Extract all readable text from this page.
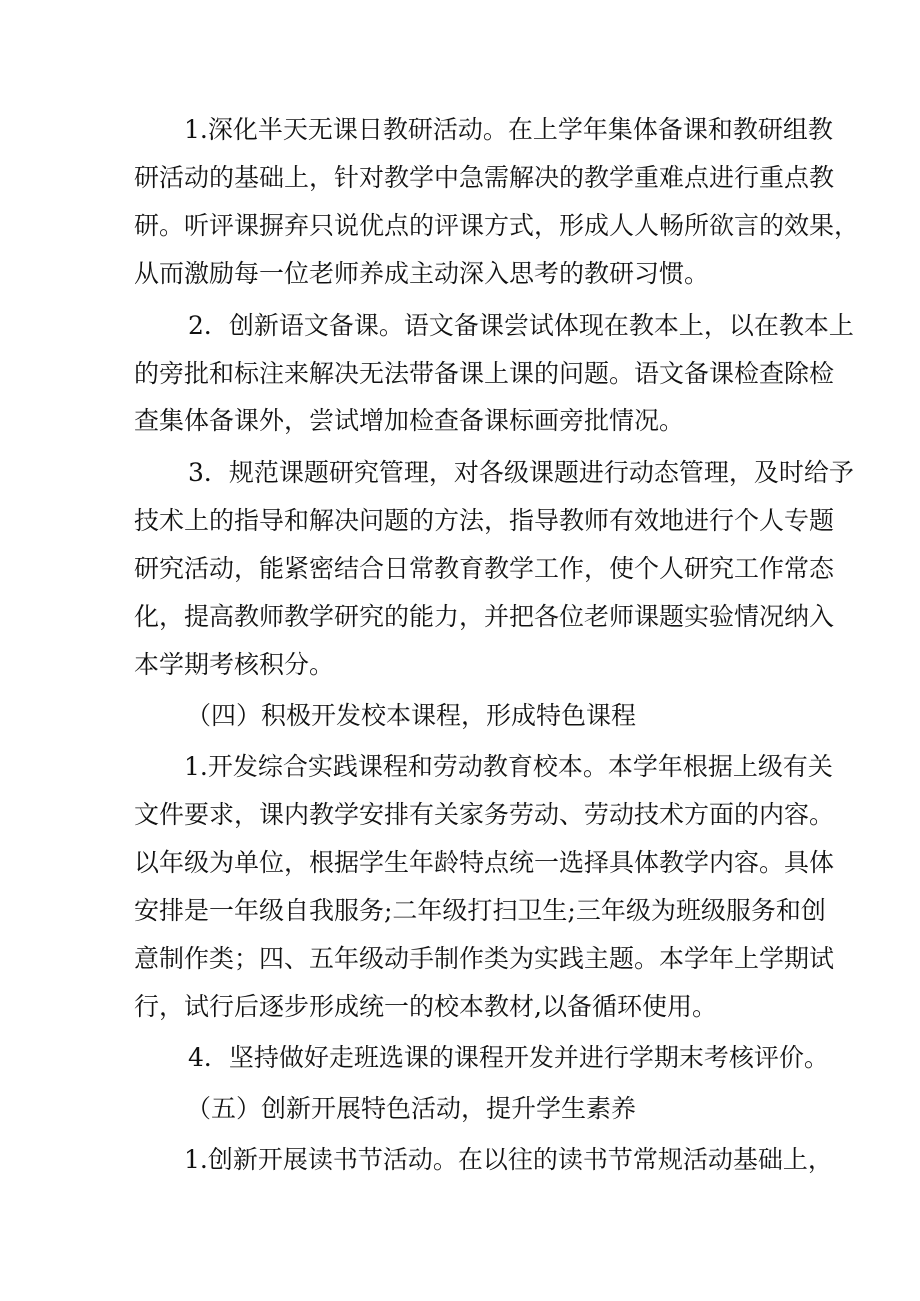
1.深化半天无课日教研活动。在上学年集体备课和教研组教
研活动的基础上，针对教学中急需解决的教学重难点进行重点教
研。听评课摒弃只说优点的评课方式，形成人人畅所欲言的效果，
从而激励每一位老师养成主动深入思考的教研习惯。
2．创新语文备课。语文备课尝试体现在教本上，以在教本上
的旁批和标注来解决无法带备课上课的问题。语文备课检查除检
查集体备课外，尝试增加检查备课标画旁批情况。
3．规范课题研究管理，对各级课题进行动态管理，及时给予
技术上的指导和解决问题的方法，指导教师有效地进行个人专题
研究活动，能紧密结合日常教育教学工作，使个人研究工作常态
化，提高教师教学研究的能力，并把各位老师课题实验情况纳入
本学期考核积分。
（四）积极开发校本课程，形成特色课程
1.开发综合实践课程和劳动教育校本。本学年根据上级有关
文件要求，课内教学安排有关家务劳动、劳动技术方面的内容。
以年级为单位，根据学生年龄特点统一选择具体教学内容。具体
安排是一年级自我服务;二年级打扫卫生;三年级为班级服务和创
意制作类；四、五年级动手制作类为实践主题。本学年上学期试
行，试行后逐步形成统一的校本教材,以备循环使用。
4．坚持做好走班选课的课程开发并进行学期末考核评价。
（五）创新开展特色活动，提升学生素养
1.创新开展读书节活动。在以往的读书节常规活动基础上，
